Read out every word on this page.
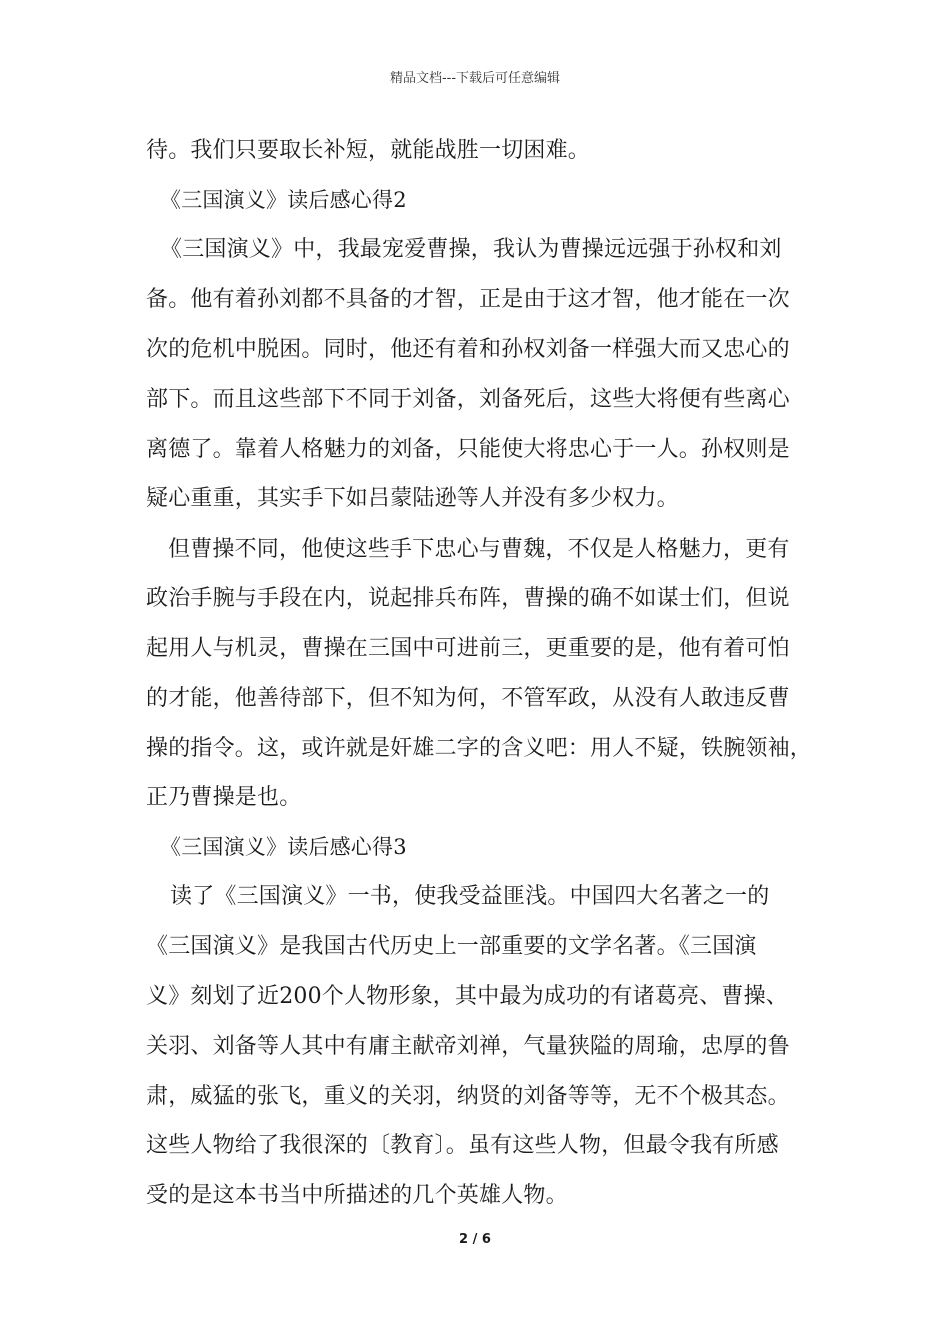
精品文档---下载后可任意编辑
待。我们只要取长补短，就能战胜一切困难。
《三国演义》读后感心得2
《三国演义》中，我最宠爱曹操，我认为曹操远远强于孙权和刘
备。他有着孙刘都不具备的才智，正是由于这才智，他才能在一次
次的危机中脱困。同时，他还有着和孙权刘备一样强大而又忠心的
部下。而且这些部下不同于刘备，刘备死后，这些大将便有些离心
离德了。靠着人格魅力的刘备，只能使大将忠心于一人。孙权则是
疑心重重，其实手下如吕蒙陆逊等人并没有多少权力。
但曹操不同，他使这些手下忠心与曹魏，不仅是人格魅力，更有
政治手腕与手段在内，说起排兵布阵，曹操的确不如谋士们，但说
起用人与机灵，曹操在三国中可进前三，更重要的是，他有着可怕
的才能，他善待部下，但不知为何，不管军政，从没有人敢违反曹
操的指令。这，或许就是奸雄二字的含义吧：用人不疑，铁腕领袖，
正乃曹操是也。
《三国演义》读后感心得3
读了《三国演义》一书，使我受益匪浅。中国四大名著之一的
《三国演义》是我国古代历史上一部重要的文学名著。《三国演
义》刻划了近200个人物形象，其中最为成功的有诸葛亮、曹操、
关羽、刘备等人其中有庸主献帝刘禅，气量狭隘的周瑜，忠厚的鲁
肃，威猛的张飞，重义的关羽，纳贤的刘备等等，无不个极其态。
这些人物给了我很深的〔教育〕。虽有这些人物，但最令我有所感
受的是这本书当中所描述的几个英雄人物。
2 / 6
